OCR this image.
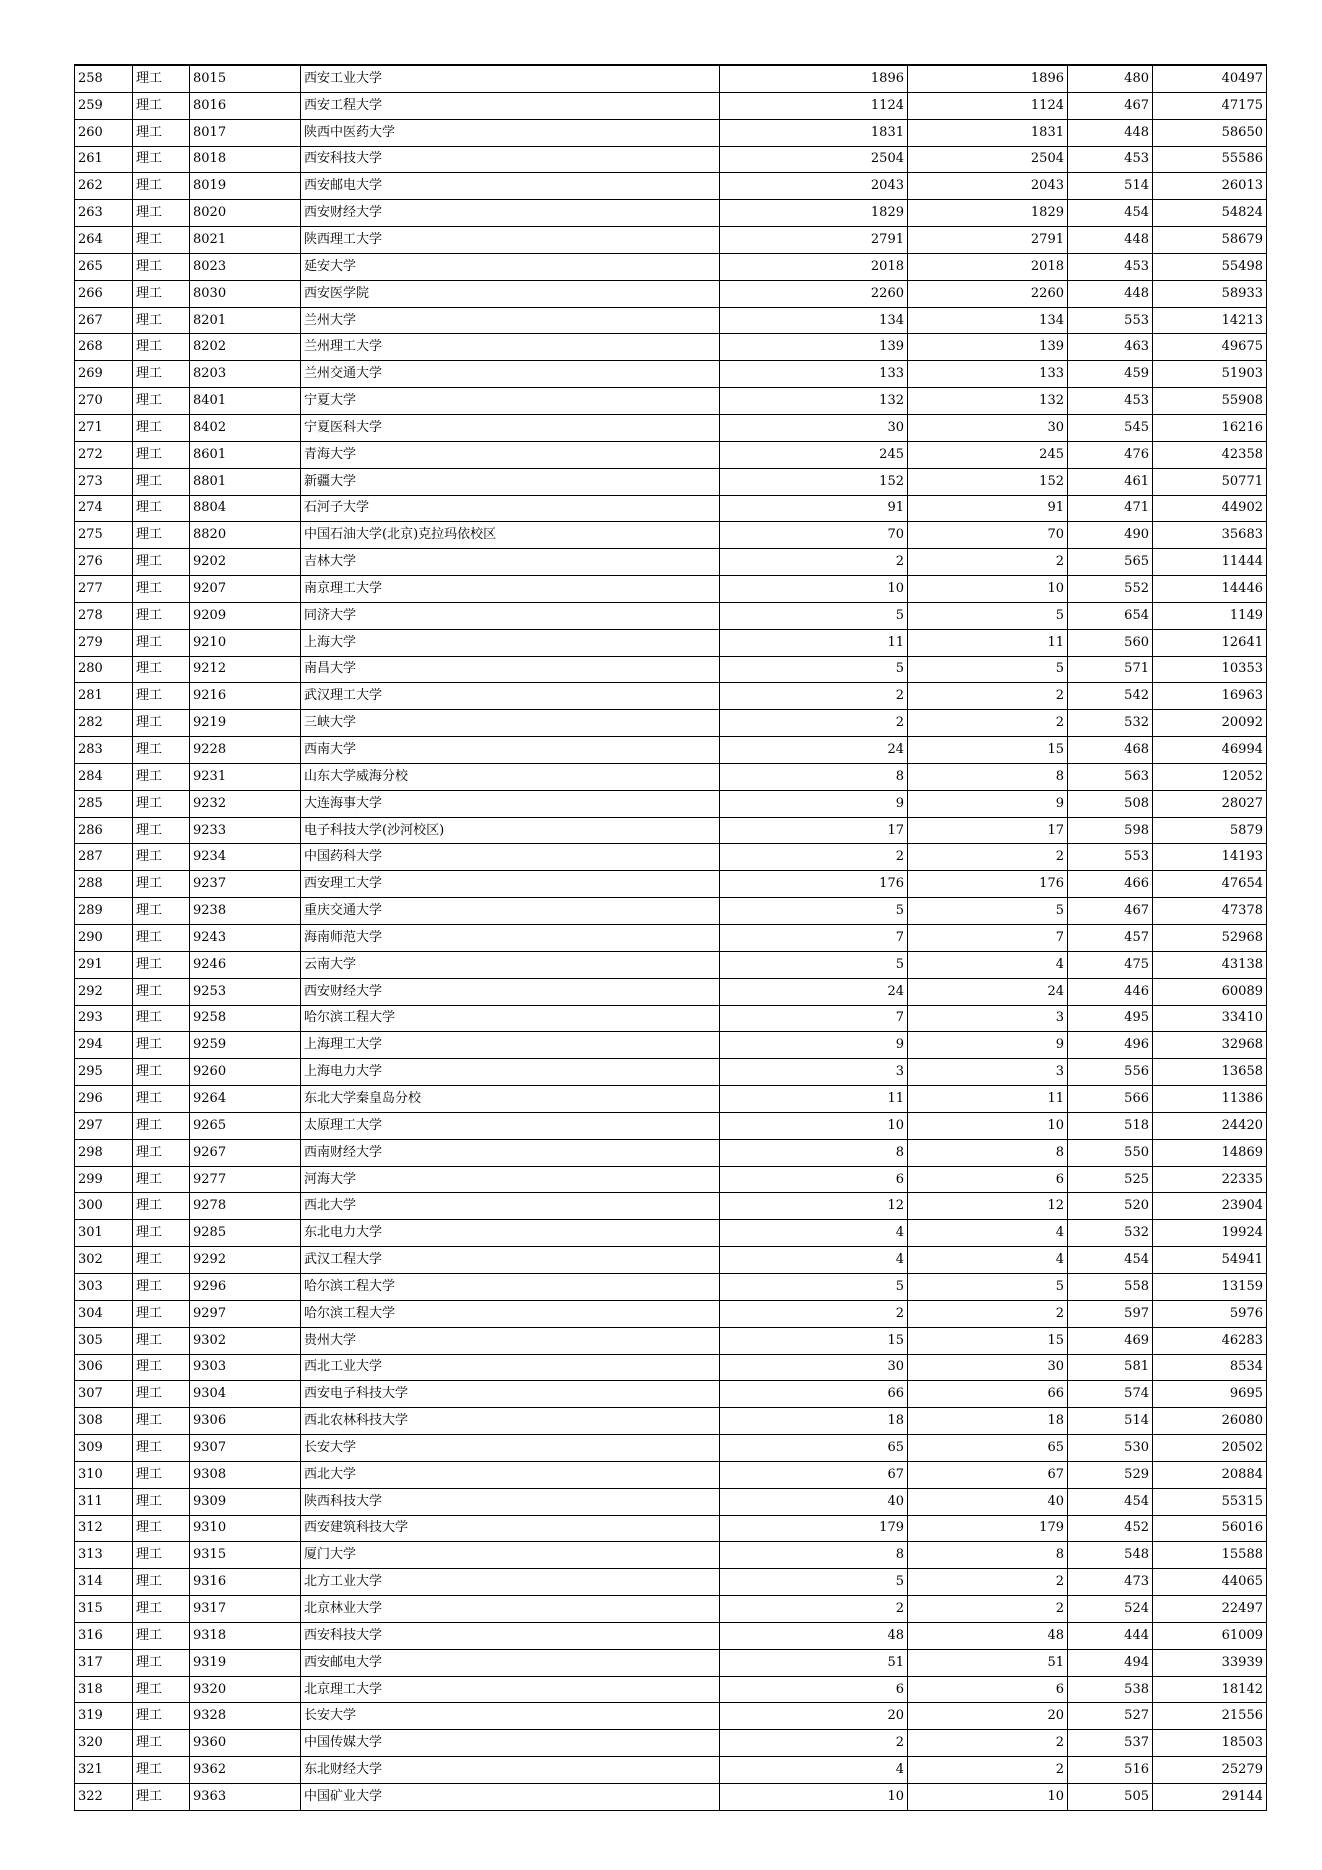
258	理工	8015	西安工业大学	1896	1896	480	40497
259	理工	8016	西安工程大学	1124	1124	467	47175
260	理工	8017	陕西中医药大学	1831	1831	448	58650
261	理工	8018	西安科技大学	2504	2504	453	55586
262	理工	8019	西安邮电大学	2043	2043	514	26013
263	理工	8020	西安财经大学	1829	1829	454	54824
264	理工	8021	陕西理工大学	2791	2791	448	58679
265	理工	8023	延安大学	2018	2018	453	55498
266	理工	8030	西安医学院	2260	2260	448	58933
267	理工	8201	兰州大学	134	134	553	14213
268	理工	8202	兰州理工大学	139	139	463	49675
269	理工	8203	兰州交通大学	133	133	459	51903
270	理工	8401	宁夏大学	132	132	453	55908
271	理工	8402	宁夏医科大学	30	30	545	16216
272	理工	8601	青海大学	245	245	476	42358
273	理工	8801	新疆大学	152	152	461	50771
274	理工	8804	石河子大学	91	91	471	44902
275	理工	8820	中国石油大学(北京)克拉玛依校区	70	70	490	35683
276	理工	9202	吉林大学	2	2	565	11444
277	理工	9207	南京理工大学	10	10	552	14446
278	理工	9209	同济大学	5	5	654	1149
279	理工	9210	上海大学	11	11	560	12641
280	理工	9212	南昌大学	5	5	571	10353
281	理工	9216	武汉理工大学	2	2	542	16963
282	理工	9219	三峡大学	2	2	532	20092
283	理工	9228	西南大学	24	15	468	46994
284	理工	9231	山东大学威海分校	8	8	563	12052
285	理工	9232	大连海事大学	9	9	508	28027
286	理工	9233	电子科技大学(沙河校区)	17	17	598	5879
287	理工	9234	中国药科大学	2	2	553	14193
288	理工	9237	西安理工大学	176	176	466	47654
289	理工	9238	重庆交通大学	5	5	467	47378
290	理工	9243	海南师范大学	7	7	457	52968
291	理工	9246	云南大学	5	4	475	43138
292	理工	9253	西安财经大学	24	24	446	60089
293	理工	9258	哈尔滨工程大学	7	3	495	33410
294	理工	9259	上海理工大学	9	9	496	32968
295	理工	9260	上海电力大学	3	3	556	13658
296	理工	9264	东北大学秦皇岛分校	11	11	566	11386
297	理工	9265	太原理工大学	10	10	518	24420
298	理工	9267	西南财经大学	8	8	550	14869
299	理工	9277	河海大学	6	6	525	22335
300	理工	9278	西北大学	12	12	520	23904
301	理工	9285	东北电力大学	4	4	532	19924
302	理工	9292	武汉工程大学	4	4	454	54941
303	理工	9296	哈尔滨工程大学	5	5	558	13159
304	理工	9297	哈尔滨工程大学	2	2	597	5976
305	理工	9302	贵州大学	15	15	469	46283
306	理工	9303	西北工业大学	30	30	581	8534
307	理工	9304	西安电子科技大学	66	66	574	9695
308	理工	9306	西北农林科技大学	18	18	514	26080
309	理工	9307	长安大学	65	65	530	20502
310	理工	9308	西北大学	67	67	529	20884
311	理工	9309	陕西科技大学	40	40	454	55315
312	理工	9310	西安建筑科技大学	179	179	452	56016
313	理工	9315	厦门大学	8	8	548	15588
314	理工	9316	北方工业大学	5	2	473	44065
315	理工	9317	北京林业大学	2	2	524	22497
316	理工	9318	西安科技大学	48	48	444	61009
317	理工	9319	西安邮电大学	51	51	494	33939
318	理工	9320	北京理工大学	6	6	538	18142
319	理工	9328	长安大学	20	20	527	21556
320	理工	9360	中国传媒大学	2	2	537	18503
321	理工	9362	东北财经大学	4	2	516	25279
322	理工	9363	中国矿业大学	10	10	505	29144
